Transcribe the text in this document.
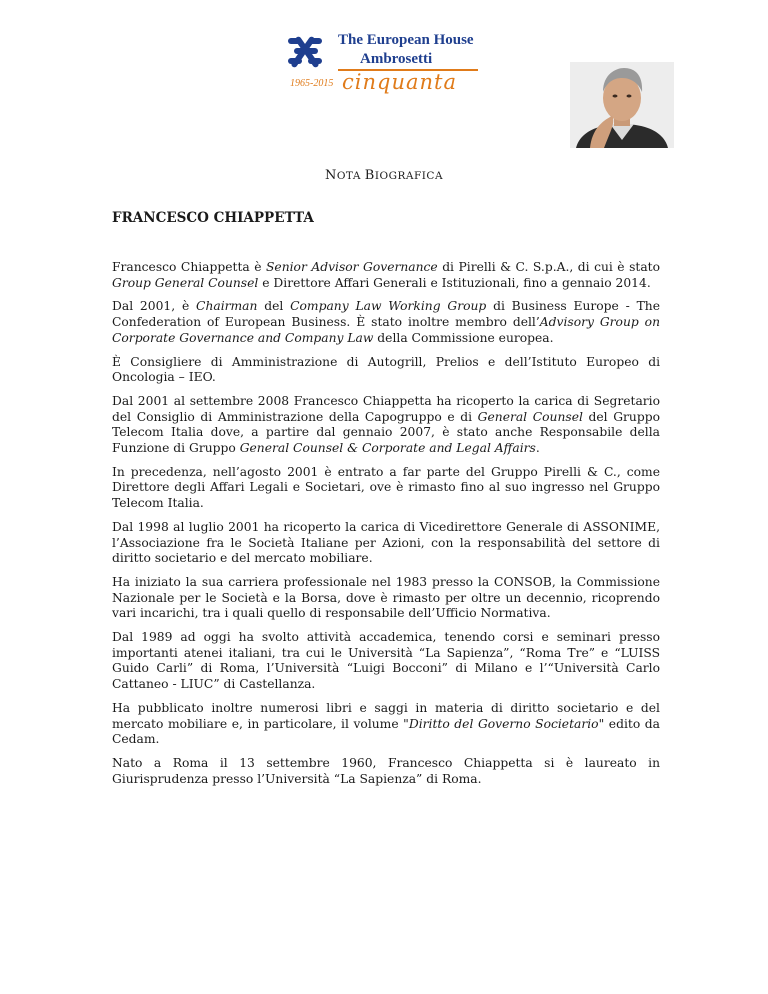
The European House
Ambrosetti
1965-2015 cinquanta
NOTA BIOGRAFICA
FRANCESCO CHIAPPETTA

Francesco Chiappetta è Senior Advisor Governance di Pirelli & C. S.p.A., di cui è stato Group General Counsel e Direttore Affari Generali e Istituzionali, fino a gennaio 2014.

Dal 2001, è Chairman del Company Law Working Group di Business Europe - The Confederation of European Business. È stato inoltre membro dell’Advisory Group on Corporate Governance and Company Law della Commissione europea.

È Consigliere di Amministrazione di Autogrill, Prelios e dell’Istituto Europeo di Oncologia – IEO.

Dal 2001 al settembre 2008 Francesco Chiappetta ha ricoperto la carica di Segretario del Consiglio di Amministrazione della Capogruppo e di General Counsel del Gruppo Telecom Italia dove, a partire dal gennaio 2007, è stato anche Responsabile della Funzione di Gruppo General Counsel & Corporate and Legal Affairs.

In precedenza, nell’agosto 2001 è entrato a far parte del Gruppo Pirelli & C., come Direttore degli Affari Legali e Societari, ove è rimasto fino al suo ingresso nel Gruppo Telecom Italia.

Dal 1998 al luglio 2001 ha ricoperto la carica di Vicedirettore Generale di ASSONIME, l’Associazione fra le Società Italiane per Azioni, con la responsabilità del settore di diritto societario e del mercato mobiliare.

Ha iniziato la sua carriera professionale nel 1983 presso la CONSOB, la Commissione Nazionale per le Società e la Borsa, dove è rimasto per oltre un decennio, ricoprendo vari incarichi, tra i quali quello di responsabile dell’Ufficio Normativa.

Dal 1989 ad oggi ha svolto attività accademica, tenendo corsi e seminari presso importanti atenei italiani, tra cui le Università “La Sapienza”, “Roma Tre” e “LUISS Guido Carli” di Roma, l’Università “Luigi Bocconi” di Milano e l’“Università Carlo Cattaneo - LIUC” di Castellanza.

Ha pubblicato inoltre numerosi libri e saggi in materia di diritto societario e del mercato mobiliare e, in particolare, il volume "Diritto del Governo Societario" edito da Cedam.

Nato a Roma il 13 settembre 1960, Francesco Chiappetta si è laureato in Giurisprudenza presso l’Università “La Sapienza” di Roma.
